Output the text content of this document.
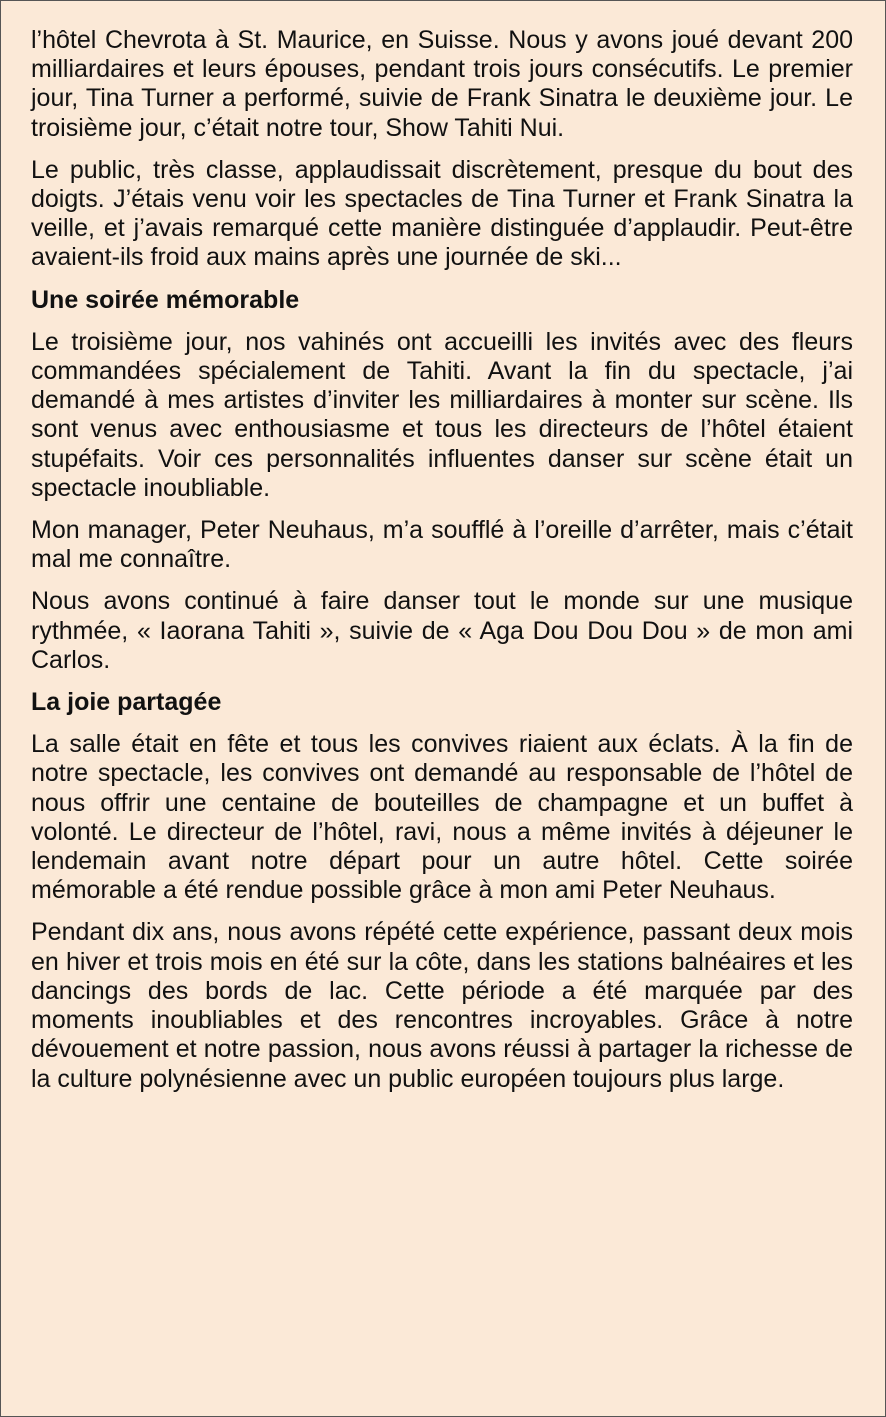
l’hôtel Chevrota à St. Maurice, en Suisse. Nous y avons joué devant 200 milliardaires et leurs épouses, pendant trois jours consécutifs. Le premier jour, Tina Turner a performé, suivie de Frank Sinatra le deuxième jour. Le troisième jour, c’était notre tour, Show Tahiti Nui.

Le public, très classe, applaudissait discrètement, presque du bout des doigts. J’étais venu voir les spectacles de Tina Turner et Frank Sinatra la veille, et j’avais remarqué cette manière distinguée d’applaudir. Peut-être avaient-ils froid aux mains après une journée de ski...

Une soirée mémorable

Le troisième jour, nos vahinés ont accueilli les invités avec des fleurs commandées spécialement de Tahiti. Avant la fin du spectacle, j’ai demandé à mes artistes d’inviter les milliardaires à monter sur scène. Ils sont venus avec enthousiasme et tous les directeurs de l’hôtel étaient stupéfaits. Voir ces personnalités influentes danser sur scène était un spectacle inoubliable.

Mon manager, Peter Neuhaus, m’a soufflé à l’oreille d’arrêter, mais c’était mal me connaître.

Nous avons continué à faire danser tout le monde sur une musique rythmée, « Iaorana Tahiti », suivie de « Aga Dou Dou Dou » de mon ami Carlos.

La joie partagée

La salle était en fête et tous les convives riaient aux éclats. À la fin de notre spectacle, les convives ont demandé au responsable de l’hôtel de nous offrir une centaine de bouteilles de champagne et un buffet à volonté. Le directeur de l’hôtel, ravi, nous a même invités à déjeuner le lendemain avant notre départ pour un autre hôtel. Cette soirée mémorable a été rendue possible grâce à mon ami Peter Neuhaus.

Pendant dix ans, nous avons répété cette expérience, passant deux mois en hiver et trois mois en été sur la côte, dans les stations balnéaires et les dancings des bords de lac. Cette période a été marquée par des moments inoubliables et des rencontres incroyables. Grâce à notre dévouement et notre passion, nous avons réussi à partager la richesse de la culture polynésienne avec un public européen toujours plus large.
